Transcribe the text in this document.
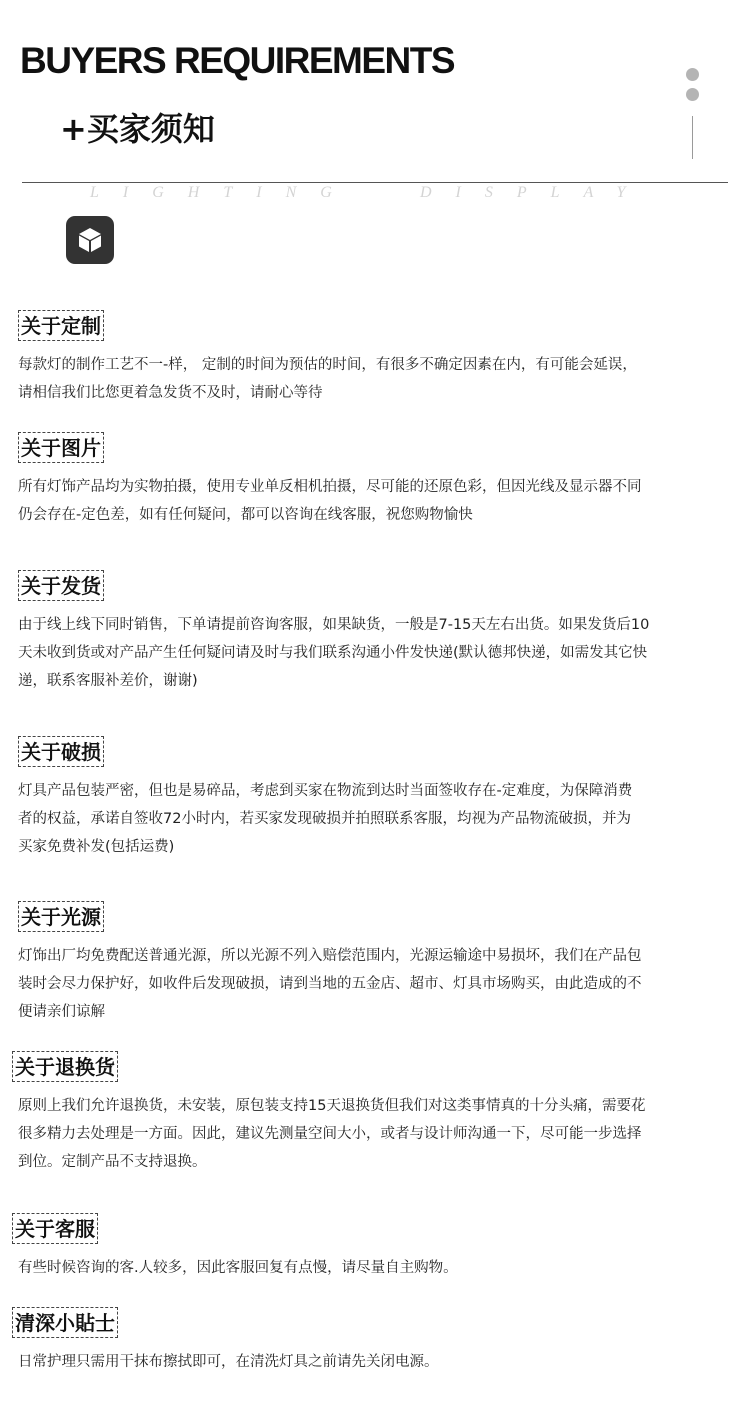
BUYERS REQUIREMENTS
+买家须知
LIGHTING	DISPLAY
关于定制
每款灯的制作工艺不一-样， 定制的时间为预估的时间，有很多不确定因素在内，有可能会延误，
请相信我们比您更着急发货不及时，请耐心等待
关于图片
所有灯饰产品均为实物拍摄，使用专业单反相机拍摄，尽可能的还原色彩，但因光线及显示器不同
仍会存在-定色差，如有任何疑问，都可以咨询在线客服，祝您购物愉快
关于发货
由于线上线下同时销售，下单请提前咨询客服，如果缺货，一般是7-15天左右出货。如果发货后10
天未收到货或对产品产生任何疑问请及时与我们联系沟通小件发快递(默认德邦快递，如需发其它快
递，联系客服补差价，谢谢)
关于破损
灯具产品包装严密，但也是易碎品，考虑到买家在物流到达时当面签收存在-定难度，为保障消费
者的权益，承诺自签收72小时内，若买家发现破损并拍照联系客服，均视为产品物流破损，并为
买家免费补发(包括运费)
关于光源
灯饰出厂均免费配送普通光源，所以光源不列入赔偿范围内，光源运输途中易损坏，我们在产品包
装时会尽力保护好，如收件后发现破损，请到当地的五金店、超市、灯具市场购买，由此造成的不
便请亲们谅解
关于退换货
原则上我们允许退换货，未安装，原包装支持15天退换货但我们对这类事情真的十分头痛，需要花
很多精力去处理是一方面。因此，建议先测量空间大小，或者与设计师沟通一下，尽可能一步选择
到位。定制产品不支持退换。
关于客服
有些时候咨询的客.人较多，因此客服回复有点慢，请尽量自主购物。
清深小貼士
日常护理只需用干抹布擦拭即可，在清洗灯具之前请先关闭电源。
